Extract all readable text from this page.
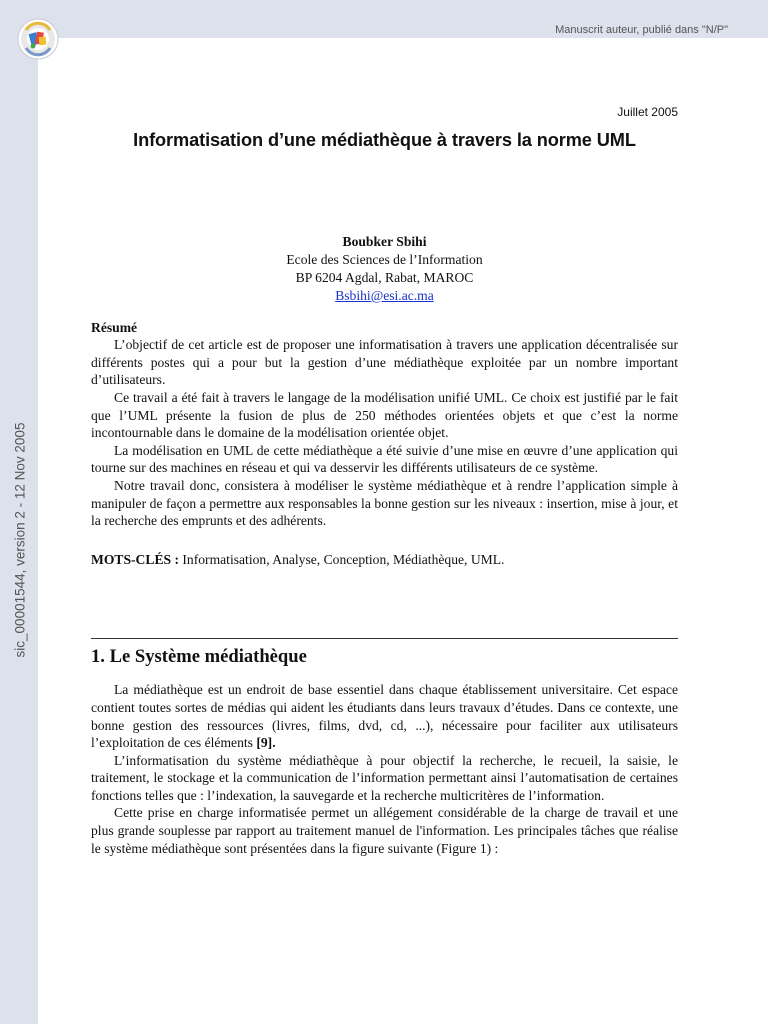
Manuscrit auteur, publié dans "N/P"
sic_00001544, version 2 - 12 Nov 2005
Juillet 2005
Informatisation d’une médiathèque à travers la norme UML
Boubker Sbihi
Ecole des Sciences de l’Information
BP 6204 Agdal, Rabat, MAROC
Bsbihi@esi.ac.ma
Résumé

L’objectif de cet article est de proposer une informatisation à travers une application décentralisée sur différents postes qui a pour but la gestion d’une médiathèque exploitée par un nombre important d’utilisateurs.

Ce travail a été fait à travers le langage de la modélisation unifié UML. Ce choix est justifié par le fait que l’UML présente la fusion de plus de 250 méthodes orientées objets et que c’est la norme incontournable dans le domaine de la modélisation orientée objet.

La modélisation en UML de cette médiathèque a été suivie d’une mise en œuvre d’une application qui tourne sur des machines en réseau et qui va desservir les différents utilisateurs de ce système.

Notre travail donc, consistera à modéliser le système médiathèque et à rendre l’application simple à manipuler de façon a permettre aux responsables la bonne gestion sur les niveaux : insertion, mise à jour, et la recherche des emprunts et des adhérents.

MOTS-CLÉS : Informatisation, Analyse, Conception, Médiathèque, UML.
1. Le Système médiathèque

La médiathèque est un endroit de base essentiel dans chaque établissement universitaire. Cet espace contient toutes sortes de médias qui aident les étudiants dans leurs travaux d’études. Dans ce contexte, une bonne gestion des ressources (livres, films, dvd, cd, ...), nécessaire pour faciliter aux utilisateurs l’exploitation de ces éléments [9].

L’informatisation du système médiathèque à pour objectif la recherche, le recueil, la saisie, le traitement, le stockage et la communication de l’information permettant ainsi l’automatisation de certaines fonctions telles que : l’indexation, la sauvegarde et la recherche multicritères de l’information.

Cette prise en charge informatisée permet un allégement considérable de la charge de travail et une plus grande souplesse par rapport au traitement manuel de l'information. Les principales tâches que réalise le système médiathèque sont présentées dans la figure suivante (Figure 1) :
